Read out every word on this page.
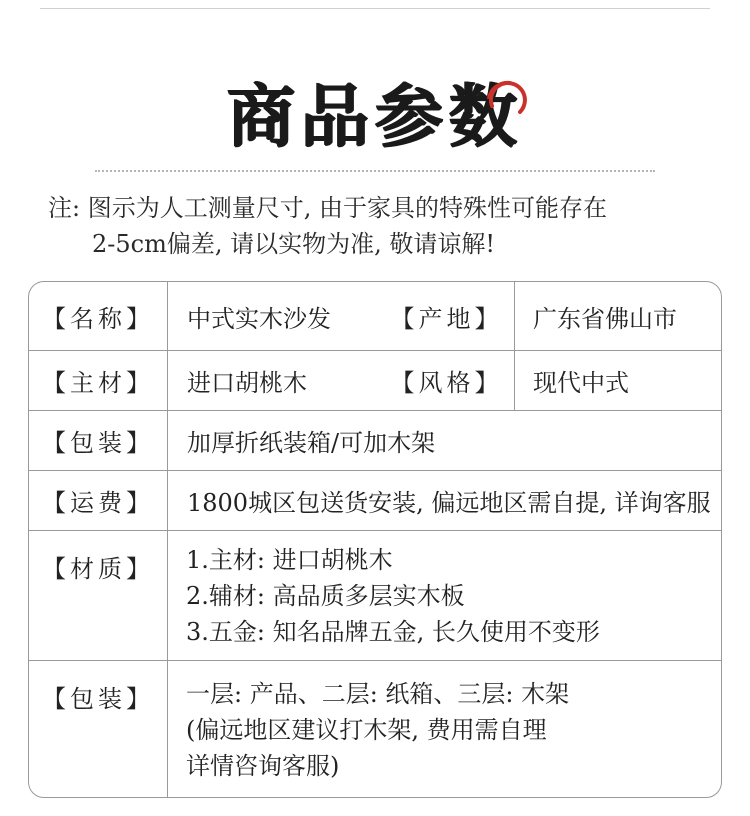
商品参数
注: 图示为人工测量尺寸, 由于家具的特殊性可能存在
2-5cm偏差, 请以实物为准, 敬请谅解!
【名称】	中式实木沙发	【产地】	广东省佛山市
【主材】	进口胡桃木	【风格】	现代中式
【包装】	加厚折纸装箱/可加木架
【运费】	1800城区包送货安装, 偏远地区需自提, 详询客服
【材质】	1.主材: 进口胡桃木
2.辅材: 高品质多层实木板
3.五金: 知名品牌五金, 长久使用不变形
【包装】	一层: 产品、二层: 纸箱、三层: 木架
(偏远地区建议打木架, 费用需自理
详情咨询客服)
